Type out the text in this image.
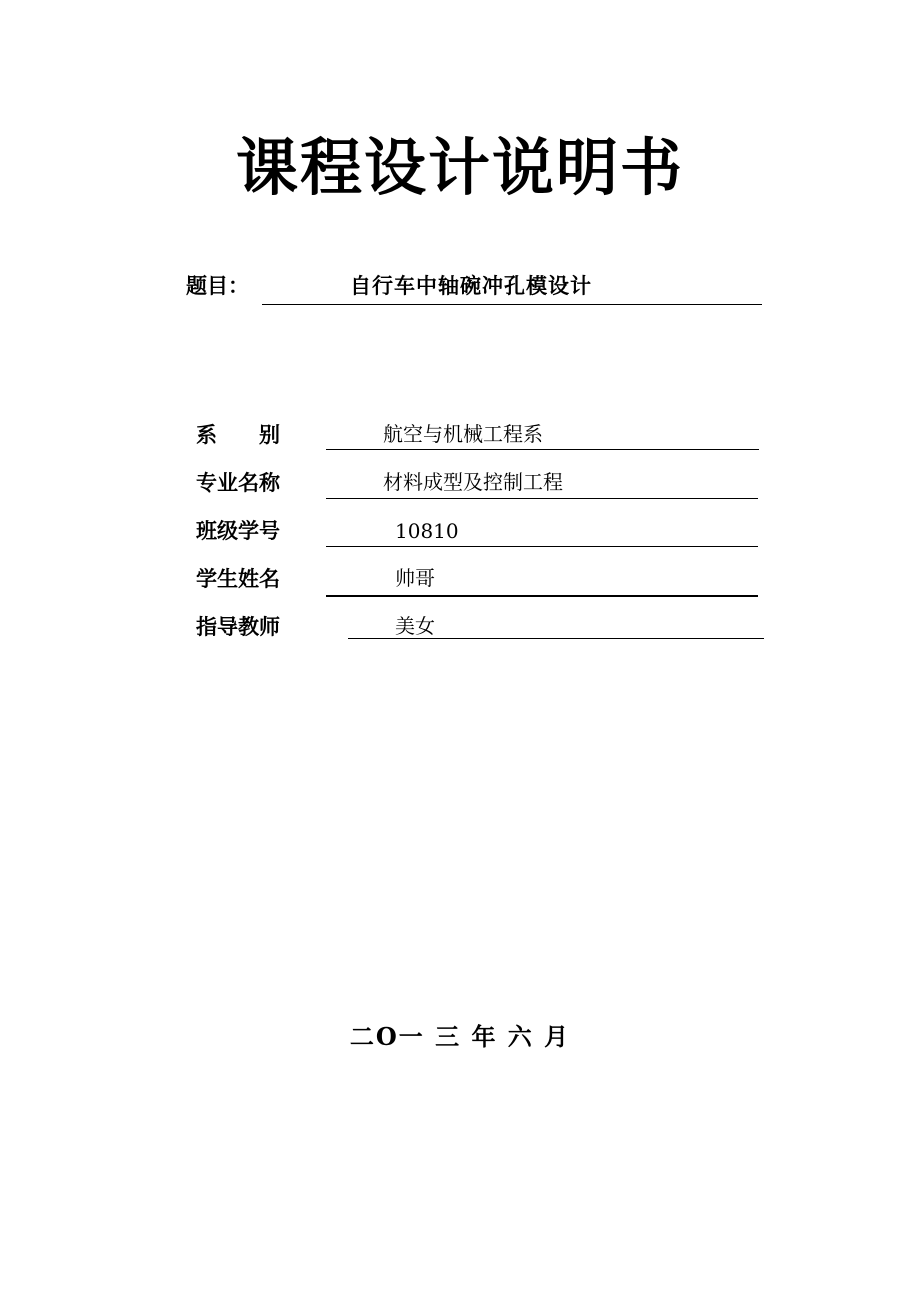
课程设计说明书
题目：	自行车中轴碗冲孔模设计
系　　别	航空与机械工程系
专业名称	材料成型及控制工程
班级学号	10810
学生姓名	帅哥
指导教师	美女
二O一 三 年 六 月
